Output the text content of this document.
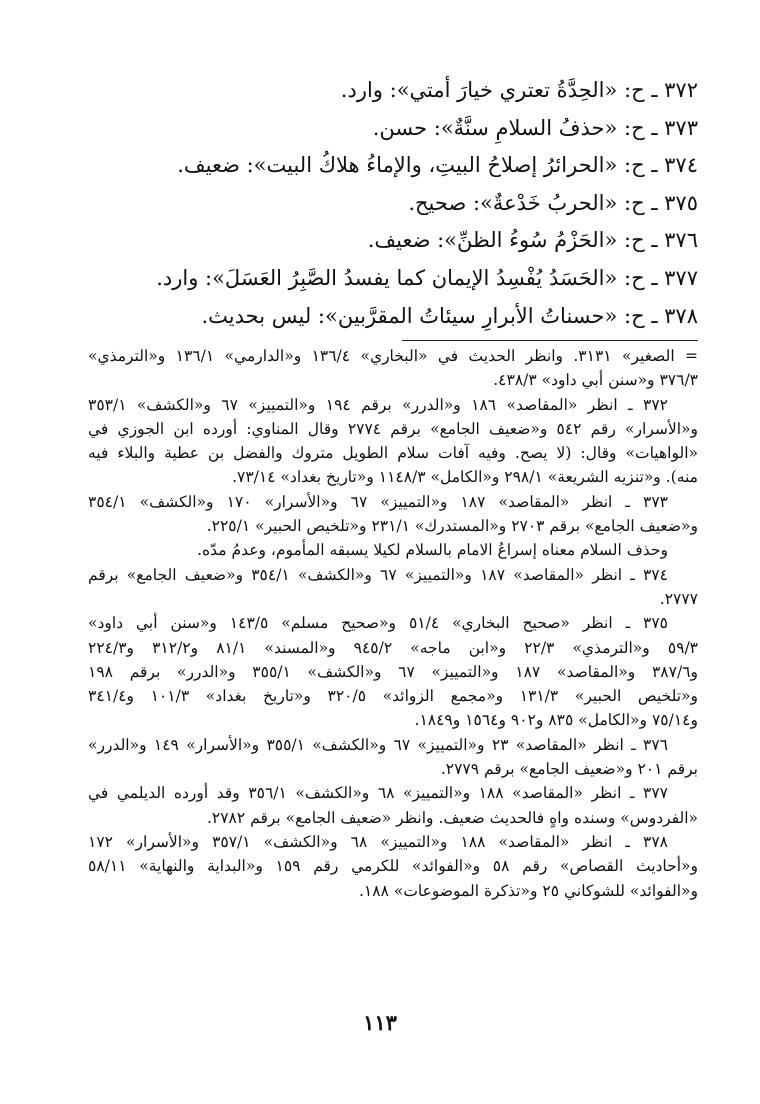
٣٧٢ ـ ح: «الحِدَّةُ تعتري خيارَ أمتي»: وارد.
٣٧٣ ـ ح: «حذفُ السلامِ سنَّةٌ»: حسن.
٣٧٤ ـ ح: «الحرائرُ إصلاحُ البيتِ، والإماءُ هلاكُ البيت»: ضعيف.
٣٧٥ ـ ح: «الحربُ خَدْعةٌ»: صحيح.
٣٧٦ ـ ح: «الحَزْمُ سُوءُ الظنِّ»: ضعيف.
٣٧٧ ـ ح: «الحَسَدُ يُفْسِدُ الإيمان كما يفسدُ الصَّبِرُ العَسَلَ»: وارد.
٣٧٨ ـ ح: «حسناتُ الأبرارِ سيئاتُ المقرَّبين»: ليس بحديث.
= الصغير» ٣١٣١. وانظر الحديث في «البخاري» ١٣٦/٤ و«الدارمي» ١٣٦/١ و«الترمذي»
٣٧٦/٣ و«سنن أبي داود» ٤٣٨/٣.
٣٧٢ ـ انظر «المقاصد» ١٨٦ و«الدرر» برقم ١٩٤ و«التمييز» ٦٧ و«الكشف» ٣٥٣/١
و«الأسرار» رقم ٥٤٢ و«ضعيف الجامع» برقم ٢٧٧٤ وقال المناوي: أورده ابن الجوزي في
«الواهيات» وقال: (لا يصح. وفيه آفات سلام الطويل متروك والفضل بن عطية والبلاء فيه
منه). و«تنزيه الشريعة» ٢٩٨/١ و«الكامل» ١١٤٨/٣ و«تاريخ بغداد» ٧٣/١٤.
٣٧٣ ـ انظر «المقاصد» ١٨٧ و«التمييز» ٦٧ و«الأسرار» ١٧٠ و«الكشف» ٣٥٤/١
و«ضعيف الجامع» برقم ٢٧٠٣ و«المستدرك» ٢٣١/١ و«تلخيص الحبير» ٢٢٥/١.
وحذف السلام معناه إسراعُ الامام بالسلام لكيلا يسبقه المأموم، وعدمُ مدّه.
٣٧٤ ـ انظر «المقاصد» ١٨٧ و«التمييز» ٦٧ و«الكشف» ٣٥٤/١ و«ضعيف الجامع» برقم
٢٧٧٧.
٣٧٥ ـ انظر «صحيح البخاري» ٥١/٤ و«صحيح مسلم» ١٤٣/٥ و«سنن أبي داود»
٥٩/٣ و«الترمذي» ٢٢/٣ و«ابن ماجه» ٩٤٥/٢ و«المسند» ٨١/١ و٣١٢/٢ و٢٢٤/٣
و٣٨٧/٦ و«المقاصد» ١٨٧ و«التمييز» ٦٧ و«الكشف» ٣٥٥/١ و«الدرر» برقم ١٩٨
و«تلخيص الحبير» ١٣١/٣ و«مجمع الزوائد» ٣٢٠/٥ و«تاريخ بغداد» ١٠١/٣ و٣٤١/٤
و٧٥/١٤ و«الكامل» ٨٣٥ و٩٠٢ و١٥٦٤ و١٨٤٩.
٣٧٦ ـ انظر «المقاصد» ٢٣ و«التمييز» ٦٧ و«الكشف» ٣٥٥/١ و«الأسرار» ١٤٩ و«الدرر»
برقم ٢٠١ و«ضعيف الجامع» برقم ٢٧٧٩.
٣٧٧ ـ انظر «المقاصد» ١٨٨ و«التمييز» ٦٨ و«الكشف» ٣٥٦/١ وقد أورده الديلمي في
«الفردوس» وسنده واهٍ فالحديث ضعيف. وانظر «ضعيف الجامع» برقم ٢٧٨٢.
٣٧٨ ـ انظر «المقاصد» ١٨٨ و«التمييز» ٦٨ و«الكشف» ٣٥٧/١ و«الأسرار» ١٧٢
و«أحاديث القصاص» رقم ٥٨ و«الفوائد» للكرمي رقم ١٥٩ و«البداية والنهاية» ٥٨/١١
و«الفوائد» للشوكاني ٢٥ و«تذكرة الموضوعات» ١٨٨.
١١٣
